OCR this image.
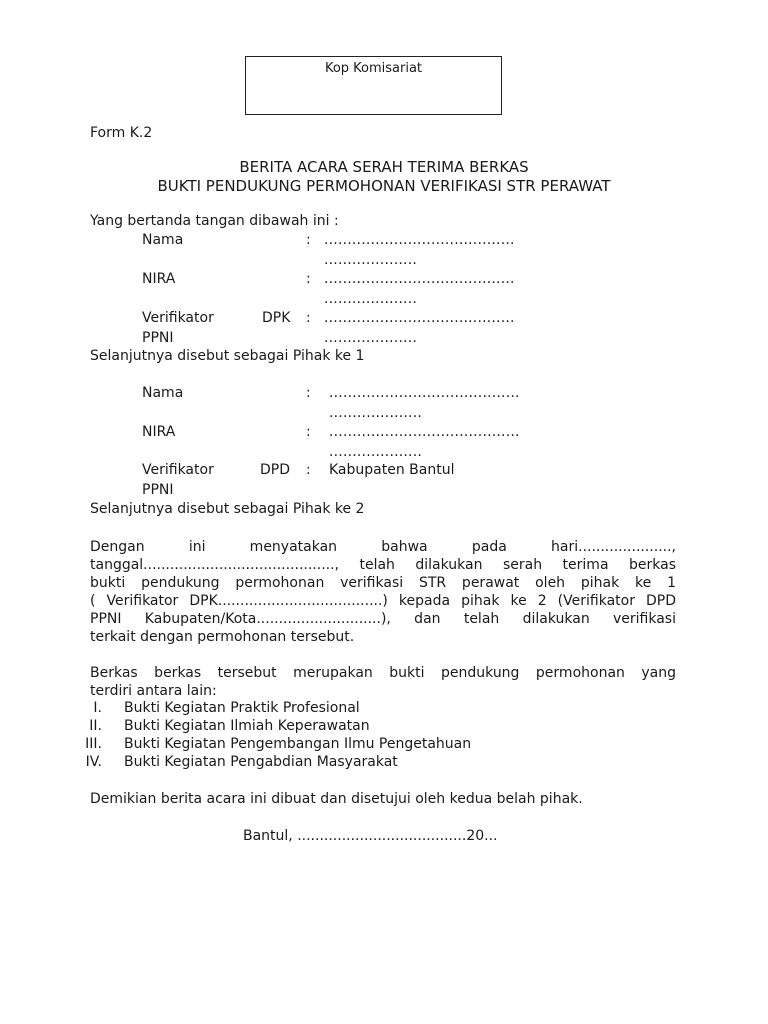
Kop Komisariat
Form K.2
BERITA ACARA SERAH TERIMA BERKAS
BUKTI PENDUKUNG PERMOHONAN VERIFIKASI STR PERAWAT
Yang bertanda tangan dibawah ini :
Nama	: .........................................
....................
NIRA	: .........................................
....................
Verifikator	DPK : .........................................
PPNI	....................
Selanjutnya disebut sebagai Pihak ke 1
Nama	: .........................................
....................
NIRA	: .........................................
....................
Verifikator	DPD : Kabupaten Bantul
PPNI
Selanjutnya disebut sebagai Pihak ke 2
Dengan ini menyatakan bahwa pada hari.....................,
tanggal..........................................., telah dilakukan serah terima berkas
bukti pendukung permohonan verifikasi STR perawat oleh pihak ke 1
( Verifikator DPK.....................................) kepada pihak ke 2 (Verifikator DPD
PPNI Kabupaten/Kota............................), dan telah dilakukan verifikasi
terkait dengan permohonan tersebut.
Berkas berkas tersebut merupakan bukti pendukung permohonan yang
terdiri antara lain:
I. Bukti Kegiatan Praktik Profesional
II. Bukti Kegiatan Ilmiah Keperawatan
III. Bukti Kegiatan Pengembangan Ilmu Pengetahuan
IV. Bukti Kegiatan Pengabdian Masyarakat
Demikian berita acara ini dibuat dan disetujui oleh kedua belah pihak.
Bantul, ......................................20...
